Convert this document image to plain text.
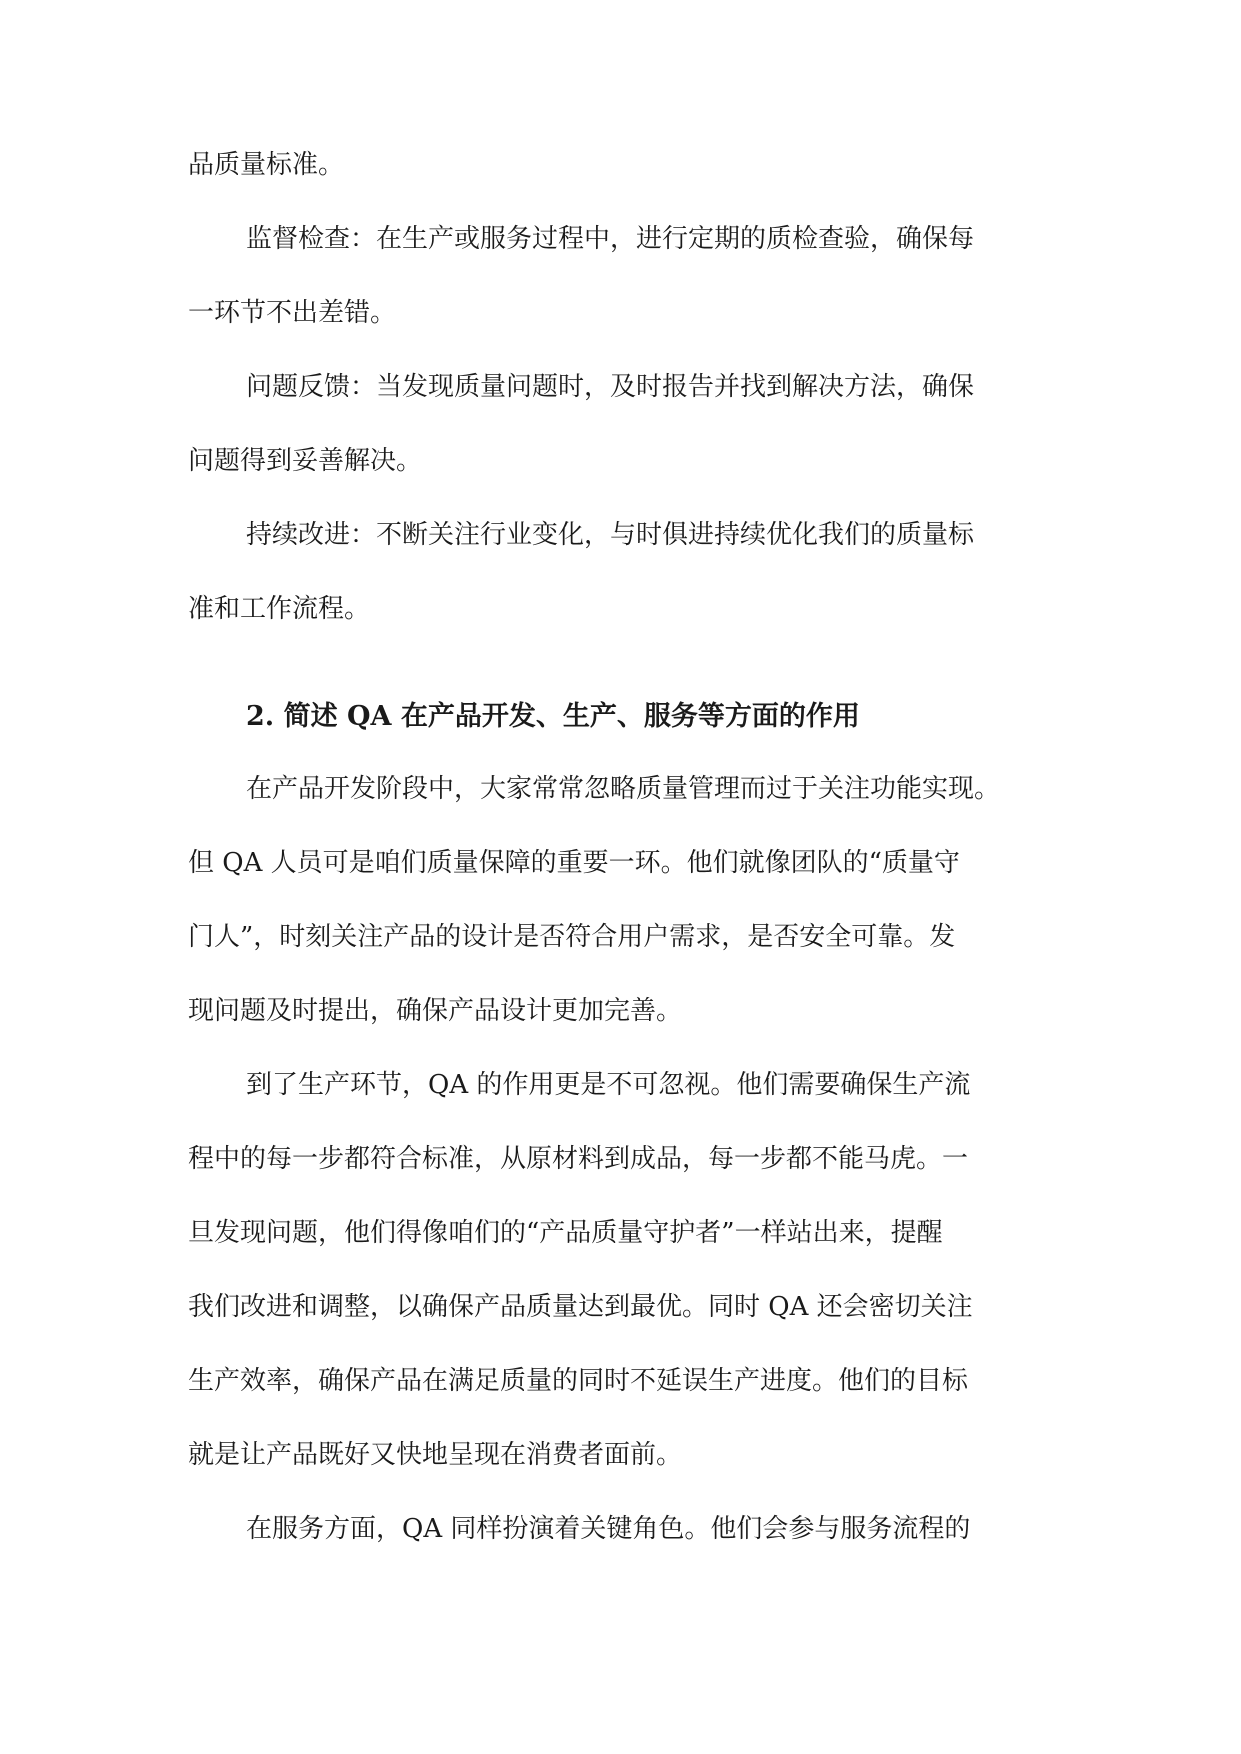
品质量标准。

监督检查：在生产或服务过程中，进行定期的质检查验，确保每

一环节不出差错。

问题反馈：当发现质量问题时，及时报告并找到解决方法，确保

问题得到妥善解决。

持续改进：不断关注行业变化，与时俱进持续优化我们的质量标

准和工作流程。

2. 简述 QA 在产品开发、生产、服务等方面的作用

在产品开发阶段中，大家常常忽略质量管理而过于关注功能实现。

但 QA 人员可是咱们质量保障的重要一环。他们就像团队的“质量守

门人”，时刻关注产品的设计是否符合用户需求，是否安全可靠。发

现问题及时提出，确保产品设计更加完善。

到了生产环节，QA 的作用更是不可忽视。他们需要确保生产流

程中的每一步都符合标准，从原材料到成品，每一步都不能马虎。一

旦发现问题，他们得像咱们的“产品质量守护者”一样站出来，提醒

我们改进和调整，以确保产品质量达到最优。同时 QA 还会密切关注

生产效率，确保产品在满足质量的同时不延误生产进度。他们的目标

就是让产品既好又快地呈现在消费者面前。

在服务方面，QA 同样扮演着关键角色。他们会参与服务流程的
